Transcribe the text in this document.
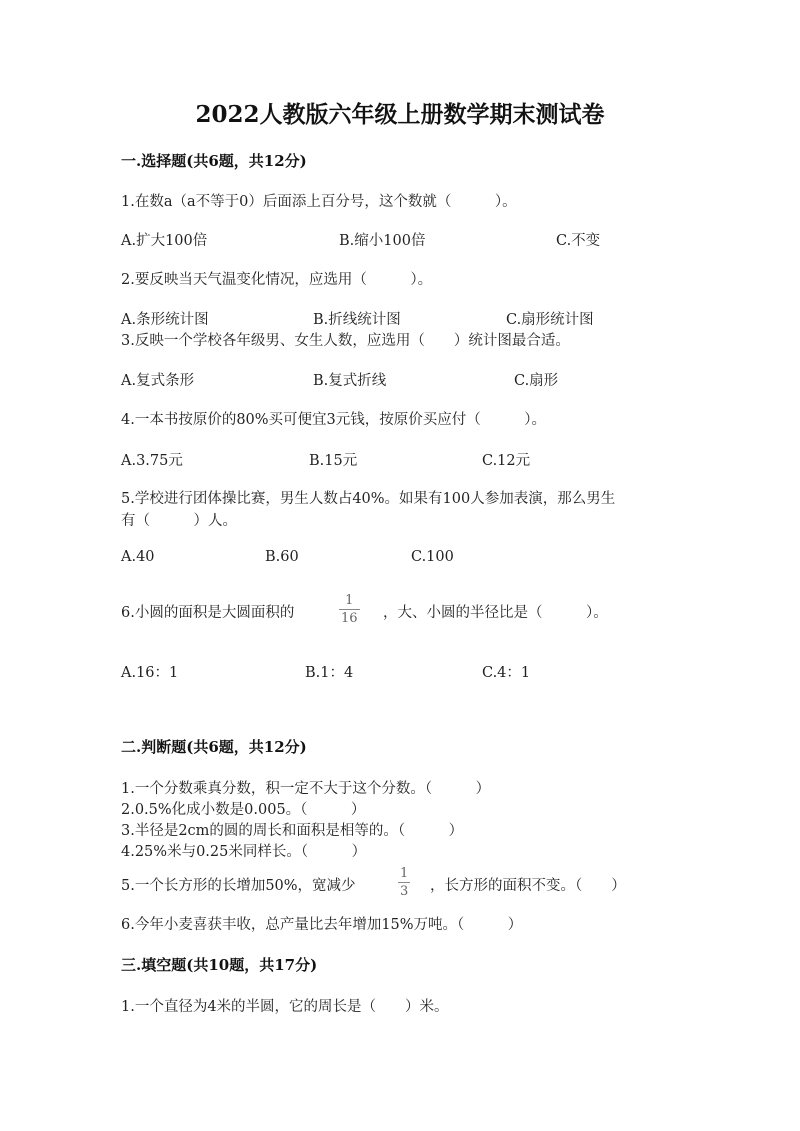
2022人教版六年级上册数学期末测试卷
一.选择题(共6题，共12分)
1.在数a（a不等于0）后面添上百分号，这个数就（　　　）。
A.扩大100倍	B.缩小100倍	C.不变
2.要反映当天气温变化情况，应选用（　　　）。
A.条形统计图	B.折线统计图	C.扇形统计图
3.反映一个学校各年级男、女生人数，应选用（　　）统计图最合适。
A.复式条形	B.复式折线	C.扇形
4.一本书按原价的80%买可便宜3元钱，按原价买应付（　　　）。
A.3.75元	B.15元	C.12元
5.学校进行团体操比赛，男生人数占40%。如果有100人参加表演，那么男生
有（　　　）人。
A.40	B.60	C.100
6.小圆的面积是大圆面积的
1
16 ，大、小圆的半径比是（　　　）。
A.16：1	B.1：4	C.4：1
二.判断题(共6题，共12分)
1.一个分数乘真分数，积一定不大于这个分数。（　　　）
2.0.5%化成小数是0.005。（　　　）
3.半径是2cm的圆的周长和面积是相等的。（　　　）
4.25%米与0.25米同样长。（　　　）
5.一个长方形的长增加50%，宽减少
1
3 ，长方形的面积不变。（　　）
6.今年小麦喜获丰收，总产量比去年增加15%万吨。（　　　）
三.填空题(共10题，共17分)
1.一个直径为4米的半圆，它的周长是（　　）米。
